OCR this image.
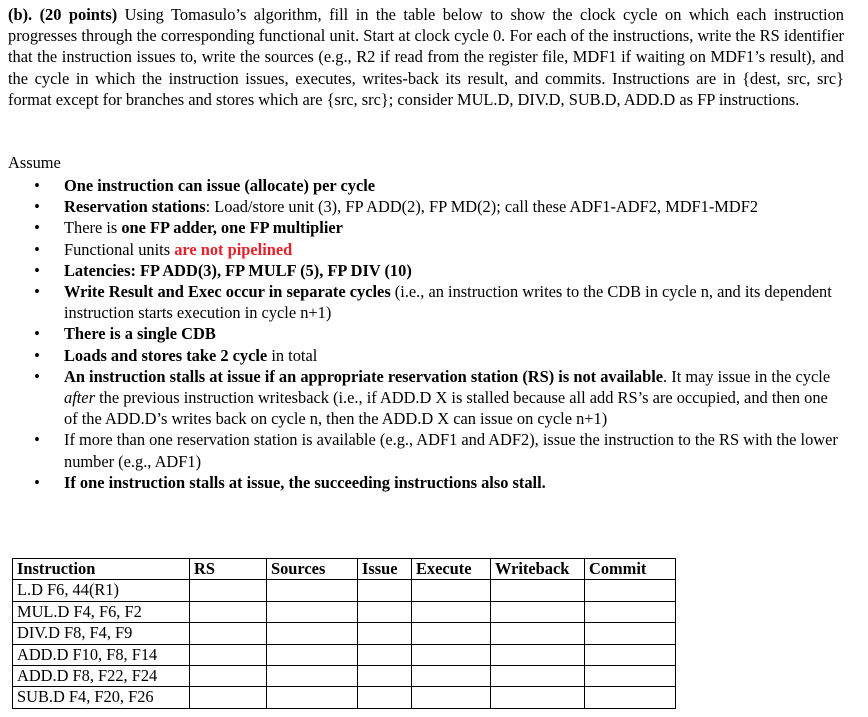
(b). (20 points) Using Tomasulo’s algorithm, fill in the table below to show the clock cycle on which each instruction progresses through the corresponding functional unit. Start at clock cycle 0. For each of the instructions, write the RS identifier that the instruction issues to, write the sources (e.g., R2 if read from the register file, MDF1 if waiting on MDF1’s result), and the cycle in which the instruction issues, executes, writes-back its result, and commits. Instructions are in {dest, src, src} format except for branches and stores which are {src, src}; consider MUL.D, DIV.D, SUB.D, ADD.D as FP instructions.

Assume

• One instruction can issue (allocate) per cycle
• Reservation stations: Load/store unit (3), FP ADD(2), FP MD(2); call these ADF1-ADF2, MDF1-MDF2
• There is one FP adder, one FP multiplier
• Functional units are not pipelined
• Latencies: FP ADD(3), FP MULF (5), FP DIV (10)
• Write Result and Exec occur in separate cycles (i.e., an instruction writes to the CDB in cycle n, and its dependent instruction starts execution in cycle n+1)
• There is a single CDB
• Loads and stores take 2 cycle in total
• An instruction stalls at issue if an appropriate reservation station (RS) is not available. It may issue in the cycle after the previous instruction writesback (i.e., if ADD.D X is stalled because all add RS’s are occupied, and then one of the ADD.D’s writes back on cycle n, then the ADD.D X can issue on cycle n+1)
• If more than one reservation station is available (e.g., ADF1 and ADF2), issue the instruction to the RS with the lower number (e.g., ADF1)
• If one instruction stalls at issue, the succeeding instructions also stall.
Instruction	RS	Sources	Issue	Execute	Writeback	Commit
L.D F6, 44(R1)						
MUL.D F4, F6, F2						
DIV.D F8, F4, F9						
ADD.D F10, F8, F14						
ADD.D F8, F22, F24						
SUB.D F4, F20, F26						
